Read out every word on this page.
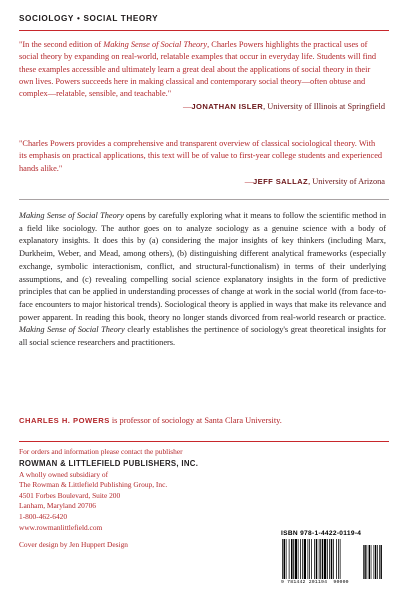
SOCIOLOGY • SOCIAL THEORY
"In the second edition of Making Sense of Social Theory, Charles Powers highlights the practical uses of social theory by expanding on real-world, relatable examples that occur in everyday life. Students will find these examples accessible and ultimately learn a great deal about the applications of social theory in their own lives. Powers succeeds here in making classical and contemporary social theory—often obtuse and complex—relatable, sensible, and teachable."
—JONATHAN ISLER, University of Illinois at Springfield
"Charles Powers provides a comprehensive and transparent overview of classical sociological theory. With its emphasis on practical applications, this text will be of value to first-year college students and experienced hands alike."
—JEFF SALLAZ, University of Arizona
Making Sense of Social Theory opens by carefully exploring what it means to follow the scientific method in a field like sociology. The author goes on to analyze sociology as a genuine science with a body of explanatory insights. It does this by (a) considering the major insights of key thinkers (including Marx, Durkheim, Weber, and Mead, among others), (b) distinguishing different analytical frameworks (especially exchange, symbolic interactionism, conflict, and structural-functionalism) in terms of their underlying assumptions, and (c) revealing compelling social science explanatory insights in the form of predictive principles that can be applied in understanding processes of change at work in the social world (from face-to-face encounters to major historical trends). Sociological theory is applied in ways that make its relevance and power apparent. In reading this book, theory no longer stands divorced from real-world research or practice. Making Sense of Social Theory clearly establishes the pertinence of sociology's great theoretical insights for all social science researchers and practitioners.
CHARLES H. POWERS is professor of sociology at Santa Clara University.
For orders and information please contact the publisher
ROWMAN & LITTLEFIELD PUBLISHERS, INC.
A wholly owned subsidiary of
The Rowman & Littlefield Publishing Group, Inc.
4501 Forbes Boulevard, Suite 200
Lanham, Maryland 20706
1-800-462-6420
www.rowmanlittlefield.com
Cover design by Jen Huppert Design
ISBN 978-1-4422-0119-4
9 781442 201194 90000
